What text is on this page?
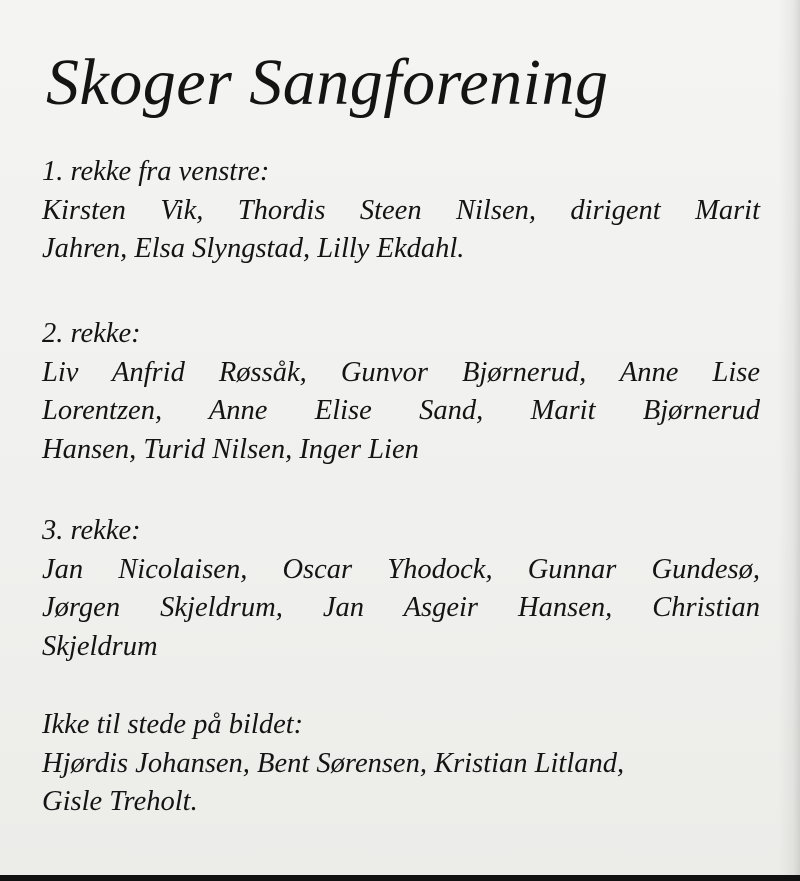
Skoger Sangforening
1. rekke fra venstre:
Kirsten Vik, Thordis Steen Nilsen, dirigent Marit
Jahren, Elsa Slyngstad, Lilly Ekdahl.
2. rekke:
Liv Anfrid Røssåk, Gunvor Bjørnerud, Anne Lise
Lorentzen, Anne Elise Sand, Marit Bjørnerud
Hansen, Turid Nilsen, Inger Lien
3. rekke:
Jan Nicolaisen, Oscar Yhodock, Gunnar Gundesø,
Jørgen Skjeldrum, Jan Asgeir Hansen, Christian
Skjeldrum
Ikke til stede på bildet:
Hjørdis Johansen, Bent Sørensen, Kristian Litland,
Gisle Treholt.
